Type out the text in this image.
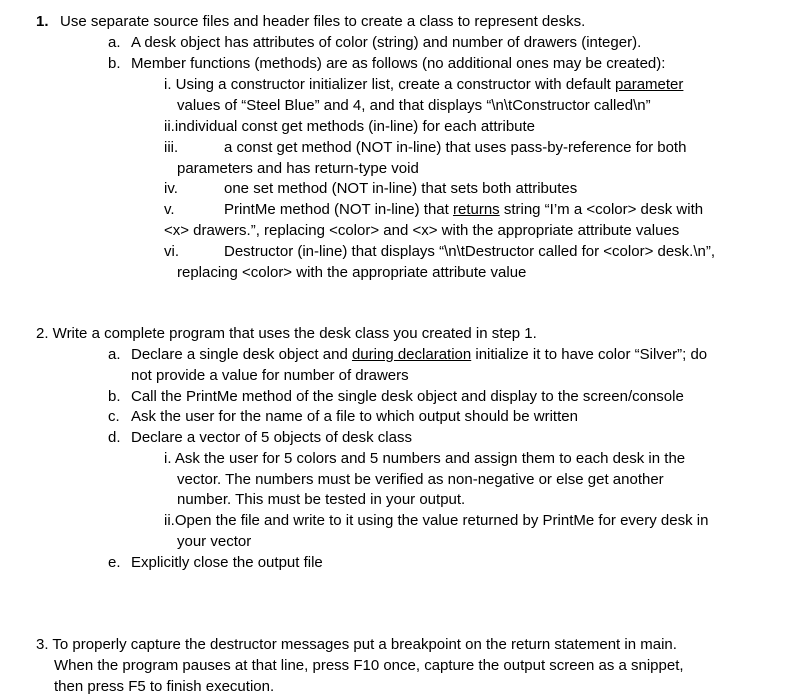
1. Use separate source files and header files to create a class to represent desks.
a. A desk object has attributes of color (string) and number of drawers (integer).
b. Member functions (methods) are as follows (no additional ones may be created):
i. Using a constructor initializer list, create a constructor with default parameter
values of “Steel Blue” and 4, and that displays “\n\tConstructor called\n”
ii.individual const get methods (in-line) for each attribute
iii.	a const get method (NOT in-line) that uses pass-by-reference for both
parameters and has return-type void
iv.	one set method (NOT in-line) that sets both attributes
v.	PrintMe method (NOT in-line) that returns string “I’m a <color> desk with
<x> drawers.”, replacing <color> and <x> with the appropriate attribute values
vi.	Destructor (in-line) that displays “\n\tDestructor called for <color> desk.\n”,
replacing <color> with the appropriate attribute value
2. Write a complete program that uses the desk class you created in step 1.
a. Declare a single desk object and during declaration initialize it to have color “Silver”; do
not provide a value for number of drawers
b. Call the PrintMe method of the single desk object and display to the screen/console
c. Ask the user for the name of a file to which output should be written
d. Declare a vector of 5 objects of desk class
i. Ask the user for 5 colors and 5 numbers and assign them to each desk in the
vector. The numbers must be verified as non-negative or else get another
number. This must be tested in your output.
ii.Open the file and write to it using the value returned by PrintMe for every desk in
your vector
e. Explicitly close the output file
3. To properly capture the destructor messages put a breakpoint on the return statement in main.
When the program pauses at that line, press F10 once, capture the output screen as a snippet,
then press F5 to finish execution.
